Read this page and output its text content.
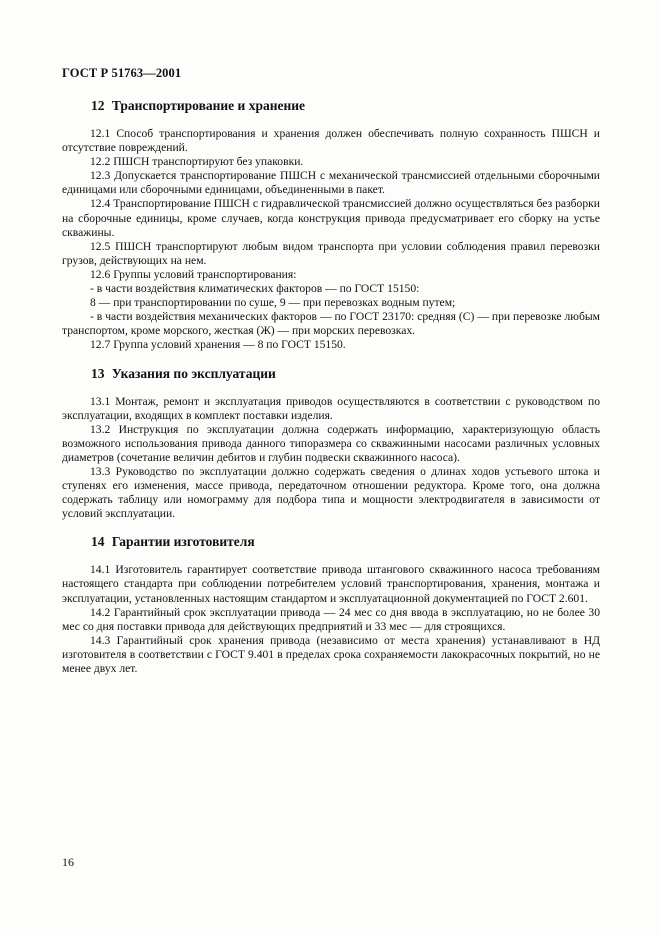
ГОСТ Р 51763—2001
12 Транспортирование и хранение

12.1 Способ транспортирования и хранения должен обеспечивать полную сохранность ПШСН и отсутствие повреждений.

12.2 ПШСН транспортируют без упаковки.

12.3 Допускается транспортирование ПШСН с механической трансмиссией отдельными сборочными единицами или сборочными единицами, объединенными в пакет.

12.4 Транспортирование ПШСН с гидравлической трансмиссией должно осуществляться без разборки на сборочные единицы, кроме случаев, когда конструкция привода предусматривает его сборку на устье скважины.

12.5 ПШСН транспортируют любым видом транспорта при условии соблюдения правил перевозки грузов, действующих на нем.

12.6 Группы условий транспортирования:

- в части воздействия климатических факторов — по ГОСТ 15150:

8 — при транспортировании по суше, 9 — при перевозках водным путем;

- в части воздействия механических факторов — по ГОСТ 23170: средняя (С) — при перевозке любым транспортом, кроме морского, жесткая (Ж) — при морских перевозках.

12.7 Группа условий хранения — 8 по ГОСТ 15150.

13 Указания по эксплуатации

13.1 Монтаж, ремонт и эксплуатация приводов осуществляются в соответствии с руководством по эксплуатации, входящих в комплект поставки изделия.

13.2 Инструкция по эксплуатации должна содержать информацию, характеризующую область возможного использования привода данного типоразмера со скважинными насосами различных условных диаметров (сочетание величин дебитов и глубин подвески скважинного насоса).

13.3 Руководство по эксплуатации должно содержать сведения о длинах ходов устьевого штока и ступенях его изменения, массе привода, передаточном отношении редуктора. Кроме того, она должна содержать таблицу или номограмму для подбора типа и мощности электродвигателя в зависимости от условий эксплуатации.

14 Гарантии изготовителя

14.1 Изготовитель гарантирует соответствие привода штангового скважинного насоса требованиям настоящего стандарта при соблюдении потребителем условий транспортирования, хранения, монтажа и эксплуатации, установленных настоящим стандартом и эксплуатационной документацией по ГОСТ 2.601.

14.2 Гарантийный срок эксплуатации привода — 24 мес со дня ввода в эксплуатацию, но не более 30 мес со дня поставки привода для действующих предприятий и 33 мес — для строящихся.

14.3 Гарантийный срок хранения привода (независимо от места хранения) устанавливают в НД изготовителя в соответствии с ГОСТ 9.401 в пределах срока сохраняемости лакокрасочных покрытий, но не менее двух лет.

16
